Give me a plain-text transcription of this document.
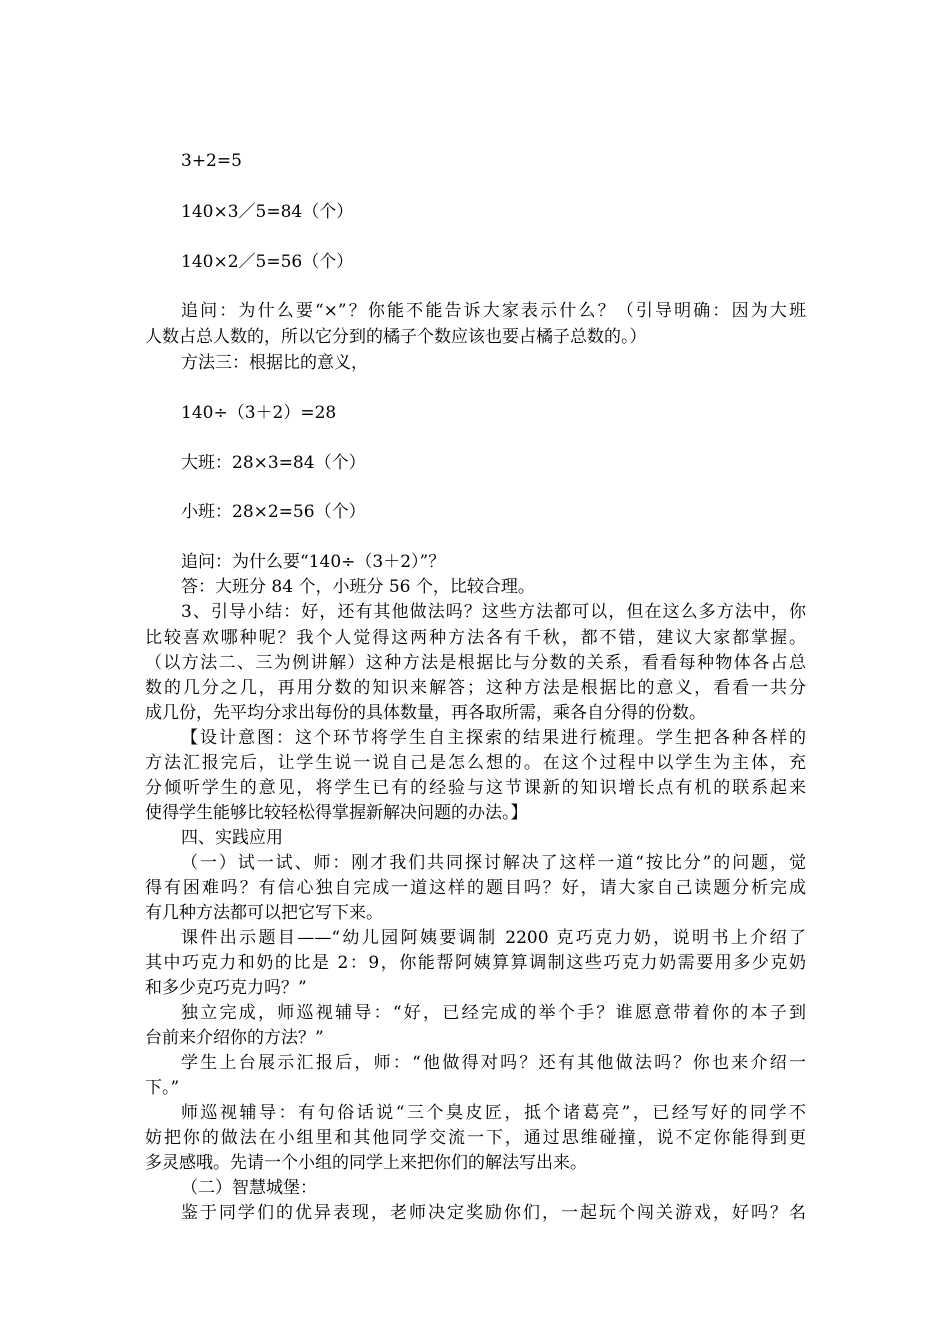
3+2=5
140×3／5=84（个）
140×2／5=56（个）
追问：为什么要“×”？你能不能告诉大家表示什么？（引导明确：因为大班
人数占总人数的，所以它分到的橘子个数应该也要占橘子总数的。）
方法三：根据比的意义，
140÷（3＋2）=28
大班：28×3=84（个）
小班：28×2=56（个）
追问：为什么要“140÷（3＋2）”？
答：大班分 84 个，小班分 56 个，比较合理。
3、引导小结：好，还有其他做法吗？这些方法都可以，但在这么多方法中，你
比较喜欢哪种呢？我个人觉得这两种方法各有千秋，都不错，建议大家都掌握。
（以方法二、三为例讲解）这种方法是根据比与分数的关系，看看每种物体各占总
数的几分之几，再用分数的知识来解答；这种方法是根据比的意义，看看一共分
成几份，先平均分求出每份的具体数量，再各取所需，乘各自分得的份数。
【设计意图：这个环节将学生自主探索的结果进行梳理。学生把各种各样的
方法汇报完后，让学生说一说自己是怎么想的。在这个过程中以学生为主体，充
分倾听学生的意见，将学生已有的经验与这节课新的知识增长点有机的联系起来
使得学生能够比较轻松得掌握新解决问题的办法。】
四、实践应用
（一）试一试、师：刚才我们共同探讨解决了这样一道“按比分”的问题，觉
得有困难吗？有信心独自完成一道这样的题目吗？好，请大家自己读题分析完成
有几种方法都可以把它写下来。
课件出示题目——“幼儿园阿姨要调制 2200 克巧克力奶，说明书上介绍了
其中巧克力和奶的比是 2：9，你能帮阿姨算算调制这些巧克力奶需要用多少克奶
和多少克巧克力吗？”
独立完成，师巡视辅导：“好，已经完成的举个手？谁愿意带着你的本子到
台前来介绍你的方法？”
学生上台展示汇报后，师：“他做得对吗？还有其他做法吗？你也来介绍一
下。”
师巡视辅导：有句俗话说“三个臭皮匠，抵个诸葛亮”，已经写好的同学不
妨把你的做法在小组里和其他同学交流一下，通过思维碰撞，说不定你能得到更
多灵感哦。先请一个小组的同学上来把你们的解法写出来。
（二）智慧城堡：
鉴于同学们的优异表现，老师决定奖励你们，一起玩个闯关游戏，好吗？名
